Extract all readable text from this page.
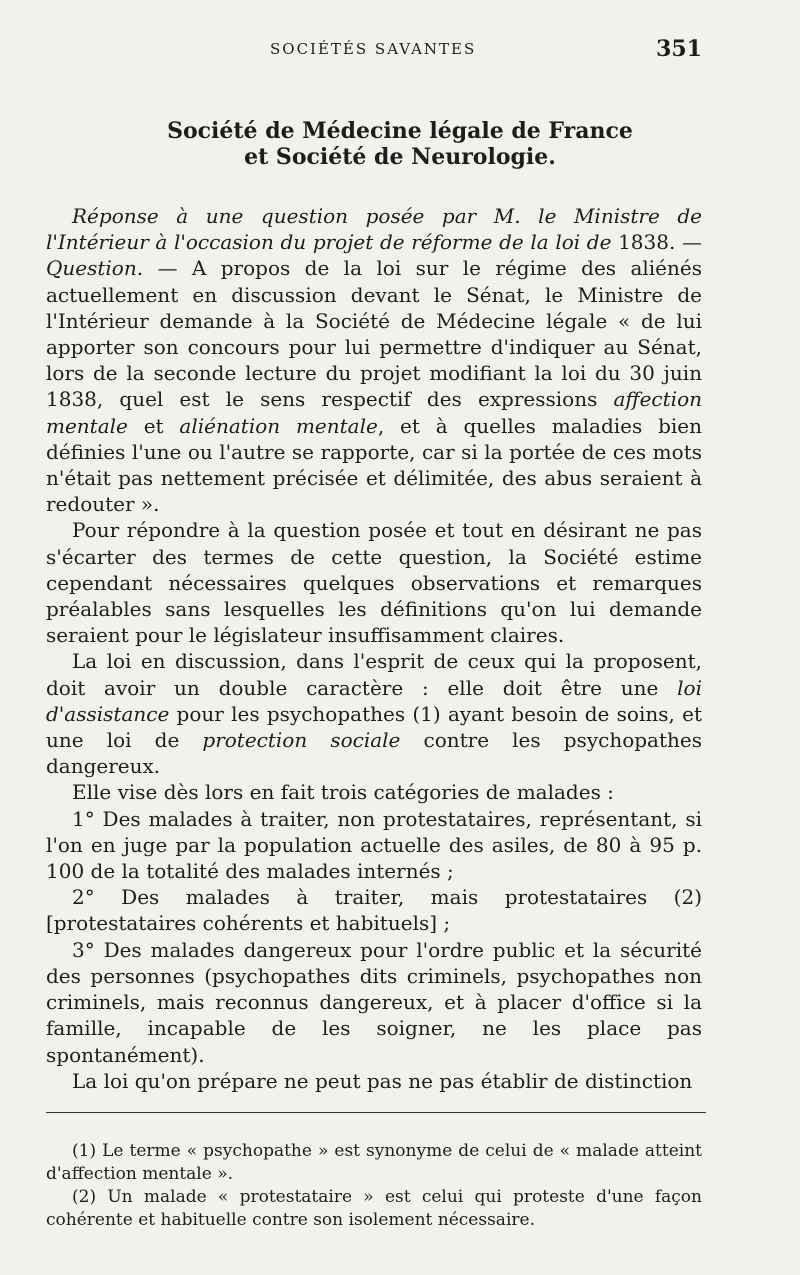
SOCIÉTÉS SAVANTES	351
Société de Médecine légale de France
et Société de Neurologie.

Réponse à une question posée par M. le Ministre de l'Intérieur à l'occasion du projet de réforme de la loi de 1838. — Question. — A propos de la loi sur le régime des aliénés actuellement en discussion devant le Sénat, le Ministre de l'Intérieur demande à la Société de Médecine légale « de lui apporter son concours pour lui permettre d'indiquer au Sénat, lors de la seconde lecture du projet modifiant la loi du 30 juin 1838, quel est le sens respectif des expressions affection mentale et aliénation mentale, et à quelles maladies bien définies l'une ou l'autre se rapporte, car si la portée de ces mots n'était pas nettement précisée et délimitée, des abus seraient à redouter ».

Pour répondre à la question posée et tout en désirant ne pas s'écarter des termes de cette question, la Société estime cependant nécessaires quelques observations et remarques préalables sans lesquelles les définitions qu'on lui demande seraient pour le législateur insuffisamment claires.

La loi en discussion, dans l'esprit de ceux qui la proposent, doit avoir un double caractère : elle doit être une loi d'assistance pour les psychopathes (1) ayant besoin de soins, et une loi de protection sociale contre les psychopathes dangereux.

Elle vise dès lors en fait trois catégories de malades :

1° Des malades à traiter, non protestataires, représentant, si l'on en juge par la population actuelle des asiles, de 80 à 95 p. 100 de la totalité des malades internés ;

2° Des malades à traiter, mais protestataires (2) [protestataires cohérents et habituels] ;

3° Des malades dangereux pour l'ordre public et la sécurité des personnes (psychopathes dits criminels, psychopathes non criminels, mais reconnus dangereux, et à placer d'office si la famille, incapable de les soigner, ne les place pas spontanément).

La loi qu'on prépare ne peut pas ne pas établir de distinction

(1) Le terme « psychopathe » est synonyme de celui de « malade atteint d'affection mentale ».

(2) Un malade « protestataire » est celui qui proteste d'une façon cohérente et habituelle contre son isolement nécessaire.
